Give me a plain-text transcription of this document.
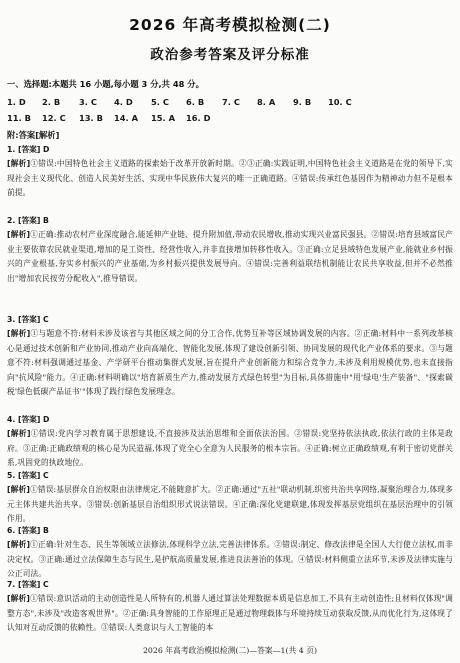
2026 年高考模拟检测(二)
政治参考答案及评分标准
一、选择题:本题共 16 小题,每小题 3 分,共 48 分。
1. D 2. B 3. C 4. D 5. C 6. B 7. C 8. A 9. B 10. C
11. B 12. C 13. B 14. A 15. A 16. D
附:答案[解析]
1. [答案] D
[解析]①错误:中国特色社会主义道路的探索始于改革开放新时期。②③正确:实践证明,中国特色社会主义道路是在党的领导下,实现社会主义现代化、创造人民美好生活、实现中华民族伟大复兴的唯一正确道路。④错误:传承红色基因作为精神动力但不是根本前提。
2. [答案] B
[解析]①正确:推动农村产业深度融合,能延伸产业链、提升附加值,带动农民增收,推动实现兴业富民强县。②错误:培育县域富民产业主要依靠农民就业渠道,增加的是工资性、经营性收入,并非直接增加转移性收入。③正确:立足县域特色发展产业,能就业乡村振兴的产业根基,夯实乡村振兴的产业基础,为乡村振兴提供发展导向。④错误:完善利益联结机制能让农民共享收益,但并不必然推出"增加农民按劳分配收入",推导错误。
3. [答案] C
[解析]①与题意不符:材料未涉及该省与其他区域之间的分工合作,优势互补等区域协调发展的内容。②正确:材料中一系列改革核心是通过技术创新和产业协同,推动产业向高端化、智能化发展,体现了建设创新引领、协同发展的现代化产业体系的要求。③与题意不符:材料强调通过基金、产学研平台推动集群式发展,旨在提升产业创新能力和综合竞争力,未涉及利用规模优势,也未直接指向"抗风险"能力。④正确:材料明确以"培育新质生产力,推动发展方式绿色转型"为目标,具体措施中"用'绿电'生产装备"、"探索碳税'绿色低碳产品证书'"体现了践行绿色发展理念。
4. [答案] D
[解析]①错误:党内学习教育属于思想建设,不直接涉及法治思维和全面依法治国。②错误:党坚持依法执政,依法行政的主体是政府。③正确:正确政绩观的核心是为民造福,体现了党全心全意为人民服务的根本宗旨。④正确:树立正确政绩观,有利于密切党群关系,巩固党的执政地位。
5. [答案] C
[解析]①错误:基层群众自治权限由法律规定,不能随意扩大。②正确:通过"五社"联动机制,织密共治共享网络,凝聚治理合力,体现多元主体共建共治共享。③错误:创新基层自治组织形式说法错误。④正确:深化党建联建,体现发挥基层党组织在基层治理中的引领作用。
6. [答案] B
[解析]①正确:针对生态、民生等领域立法修法,体现科学立法,完善法律体系。②错误:制定、修改法律是全国人大行使立法权,而非决定权。③正确:通过立法保障生态与民生,是护航高质量发展,推进良法善治的体现。④错误:材料侧重立法环节,未涉及法律实施与公正司法。
7. [答案] C
[解析]①错误:意识活动的主动创造性是人所特有的,机器人通过算法处理数据本质是信息加工,不具有主动创造性;且材料仅体现"调整方态",未涉及"改造客观世界"。②正确:具身智能的工作原理正是通过物理载体与环境持续互动获取反馈,从而优化行为,这体现了认知对互动反馈的依赖性。③错误:人类意识与人工智能的本
2026 年高考政治模拟检测(二)—答案—1(共 4 页)
